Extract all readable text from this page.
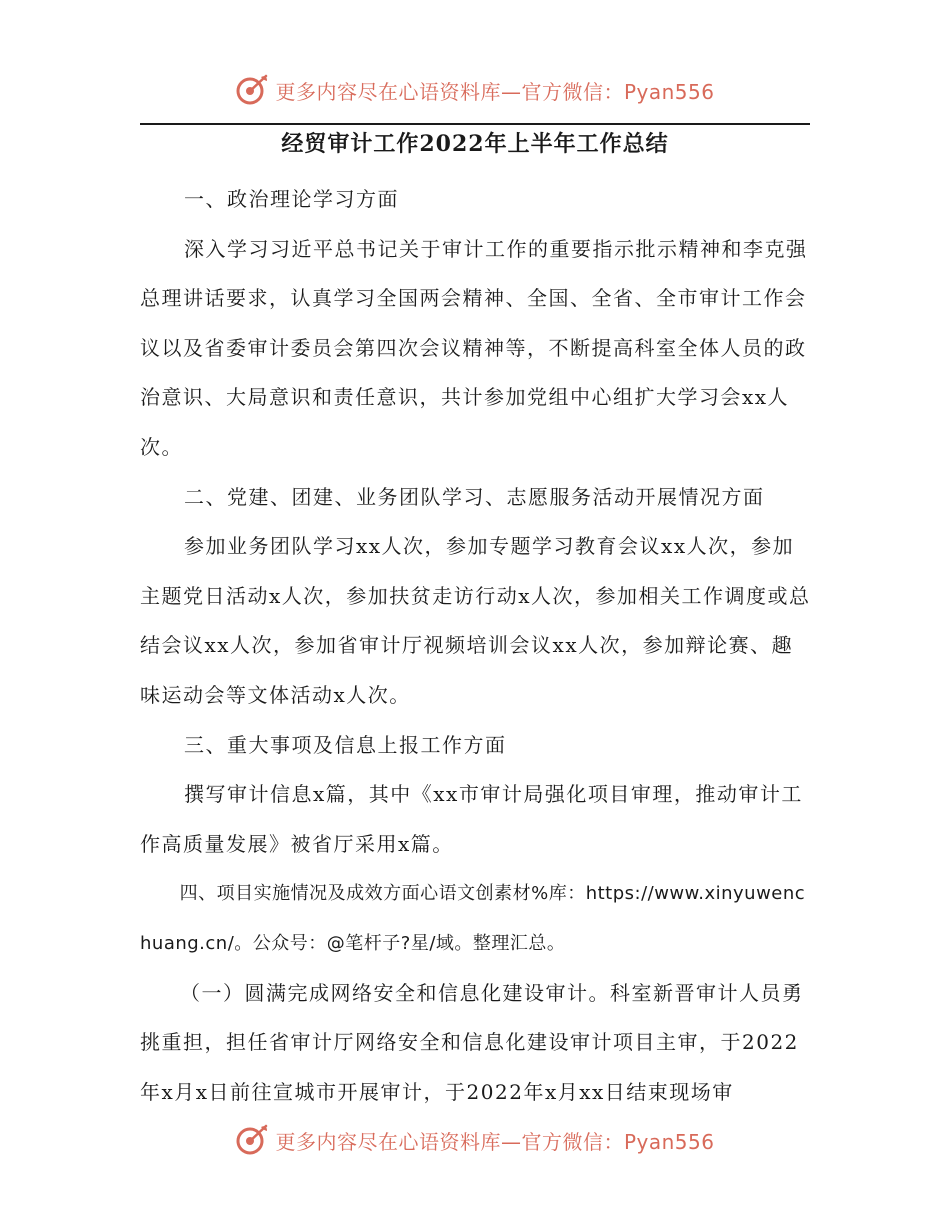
更多内容尽在心语资料库—官方微信：Pyan556
经贸审计工作2022年上半年工作总结

一、政治理论学习方面

深入学习习近平总书记关于审计工作的重要指示批示精神和李克强总理讲话要求，认真学习全国两会精神、全国、全省、全市审计工作会议以及省委审计委员会第四次会议精神等，不断提高科室全体人员的政治意识、大局意识和责任意识，共计参加党组中心组扩大学习会xx人次。

二、党建、团建、业务团队学习、志愿服务活动开展情况方面

参加业务团队学习xx人次，参加专题学习教育会议xx人次，参加主题党日活动x人次，参加扶贫走访行动x人次，参加相关工作调度或总结会议xx人次，参加省审计厅视频培训会议xx人次，参加辩论赛、趣味运动会等文体活动x人次。

三、重大事项及信息上报工作方面

撰写审计信息x篇，其中《xx市审计局强化项目审理，推动审计工作高质量发展》被省厅采用x篇。

四、项目实施情况及成效方面心语文创素材%库：https://www.xinyuwenchuang.cn/。公众号：@笔杆子?星/域。整理汇总。

（一）圆满完成网络安全和信息化建设审计。科室新晋审计人员勇挑重担，担任省审计厅网络安全和信息化建设审计项目主审，于2022年x月x日前往宣城市开展审计，于2022年x月xx日结束现场审

更多内容尽在心语资料库—官方微信：Pyan556
